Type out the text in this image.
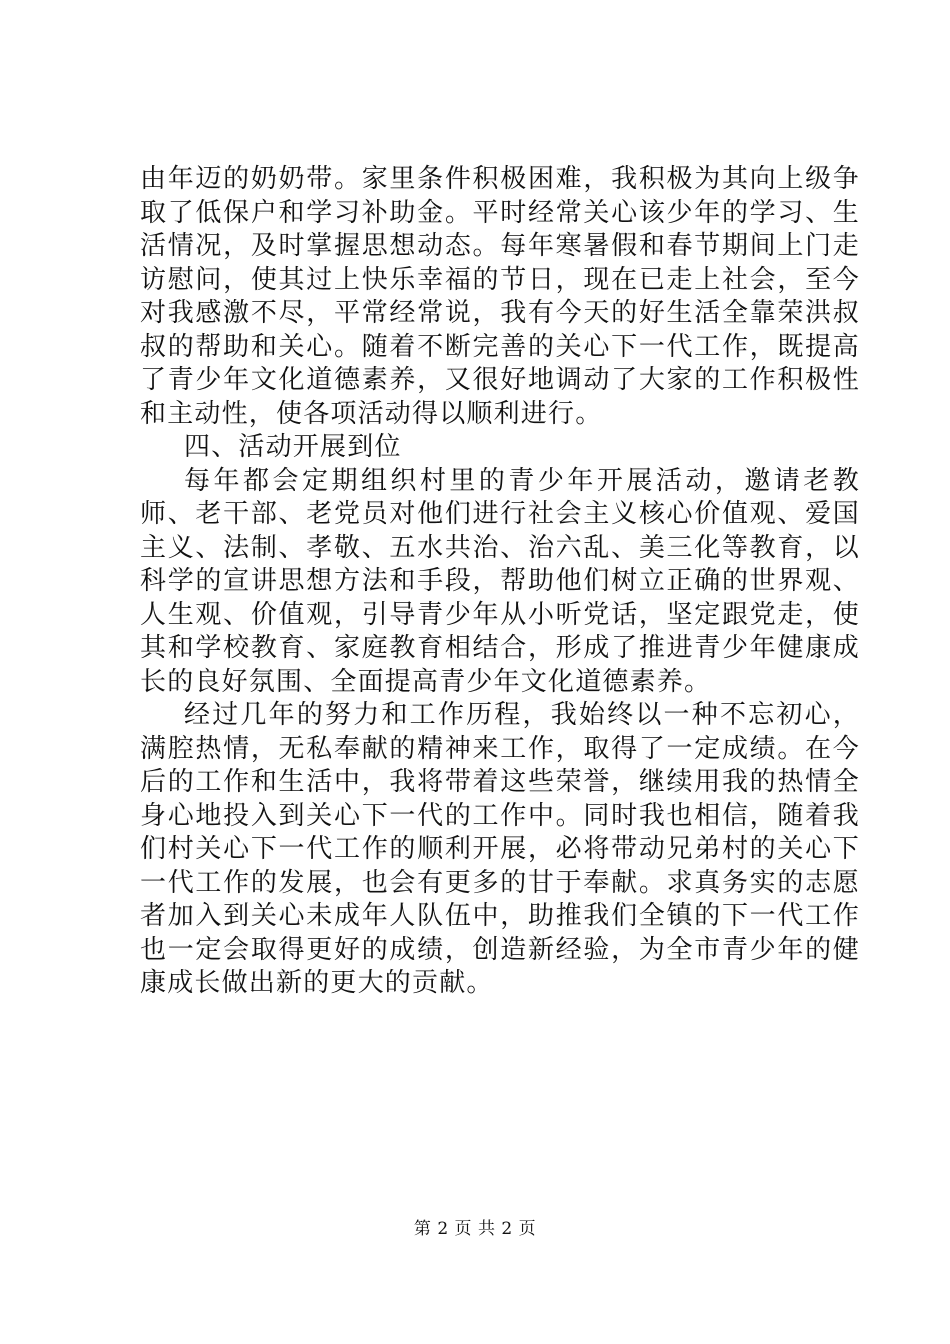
由年迈的奶奶带。家里条件积极困难，我积极为其向上级争取了低保户和学习补助金。平时经常关心该少年的学习、生活情况，及时掌握思想动态。每年寒暑假和春节期间上门走访慰问，使其过上快乐幸福的节日，现在已走上社会，至今对我感激不尽，平常经常说，我有今天的好生活全靠荣洪叔叔的帮助和关心。随着不断完善的关心下一代工作，既提高了青少年文化道德素养，又很好地调动了大家的工作积极性和主动性，使各项活动得以顺利进行。

四、活动开展到位

每年都会定期组织村里的青少年开展活动，邀请老教师、老干部、老党员对他们进行社会主义核心价值观、爱国主义、法制、孝敬、五水共治、治六乱、美三化等教育，以科学的宣讲思想方法和手段，帮助他们树立正确的世界观、人生观、价值观，引导青少年从小听党话，坚定跟党走，使其和学校教育、家庭教育相结合，形成了推进青少年健康成长的良好氛围、全面提高青少年文化道德素养。

经过几年的努力和工作历程，我始终以一种不忘初心，满腔热情，无私奉献的精神来工作，取得了一定成绩。在今后的工作和生活中，我将带着这些荣誉，继续用我的热情全身心地投入到关心下一代的工作中。同时我也相信，随着我们村关心下一代工作的顺利开展，必将带动兄弟村的关心下一代工作的发展，也会有更多的甘于奉献。求真务实的志愿者加入到关心未成年人队伍中，助推我们全镇的下一代工作也一定会取得更好的成绩，创造新经验，为全市青少年的健康成长做出新的更大的贡献。

第 2 页 共 2 页
